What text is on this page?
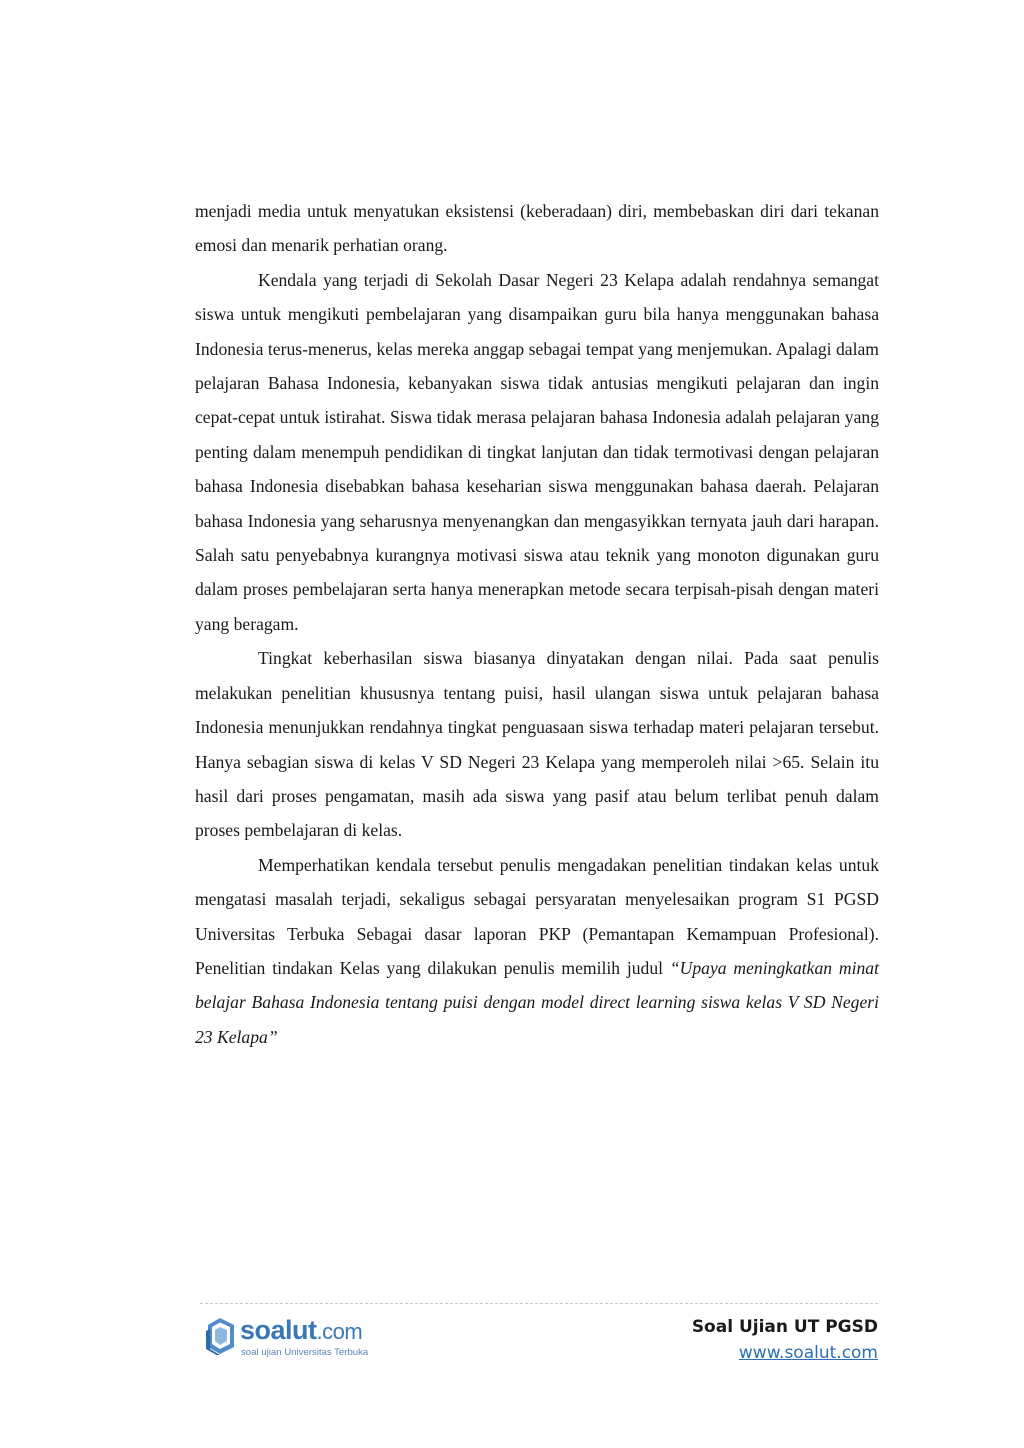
menjadi media untuk menyatukan eksistensi (keberadaan) diri, membebaskan diri dari tekanan emosi dan menarik perhatian orang.

Kendala yang terjadi di Sekolah Dasar Negeri 23 Kelapa adalah rendahnya semangat siswa untuk mengikuti pembelajaran yang disampaikan guru bila hanya menggunakan bahasa Indonesia terus-menerus, kelas mereka anggap sebagai tempat yang menjemukan. Apalagi dalam pelajaran Bahasa Indonesia, kebanyakan siswa tidak antusias mengikuti pelajaran dan ingin cepat-cepat untuk istirahat. Siswa tidak merasa pelajaran bahasa Indonesia adalah pelajaran yang penting dalam menempuh pendidikan di tingkat lanjutan dan tidak termotivasi dengan pelajaran bahasa Indonesia disebabkan bahasa keseharian siswa menggunakan bahasa daerah. Pelajaran bahasa Indonesia yang seharusnya menyenangkan dan mengasyikkan ternyata jauh dari harapan. Salah satu penyebabnya kurangnya motivasi siswa atau teknik yang monoton digunakan guru dalam proses pembelajaran serta hanya menerapkan metode secara terpisah-pisah dengan materi yang beragam.

Tingkat keberhasilan siswa biasanya dinyatakan dengan nilai. Pada saat penulis melakukan penelitian khususnya tentang puisi, hasil ulangan siswa untuk pelajaran bahasa Indonesia menunjukkan rendahnya tingkat penguasaan siswa terhadap materi pelajaran tersebut. Hanya sebagian siswa di kelas V SD Negeri 23 Kelapa yang memperoleh nilai >65. Selain itu hasil dari proses pengamatan, masih ada siswa yang pasif atau belum terlibat penuh dalam proses pembelajaran di kelas.

Memperhatikan kendala tersebut penulis mengadakan penelitian tindakan kelas untuk mengatasi masalah terjadi, sekaligus sebagai persyaratan menyelesaikan program S1 PGSD Universitas Terbuka Sebagai dasar laporan PKP (Pemantapan Kemampuan Profesional). Penelitian tindakan Kelas yang dilakukan penulis memilih judul “Upaya meningkatkan minat belajar Bahasa Indonesia tentang puisi dengan model direct learning siswa kelas V SD Negeri 23 Kelapa”

soalut.com
soal ujian Universitas Terbuka
Soal Ujian UT PGSD
www.soalut.com
